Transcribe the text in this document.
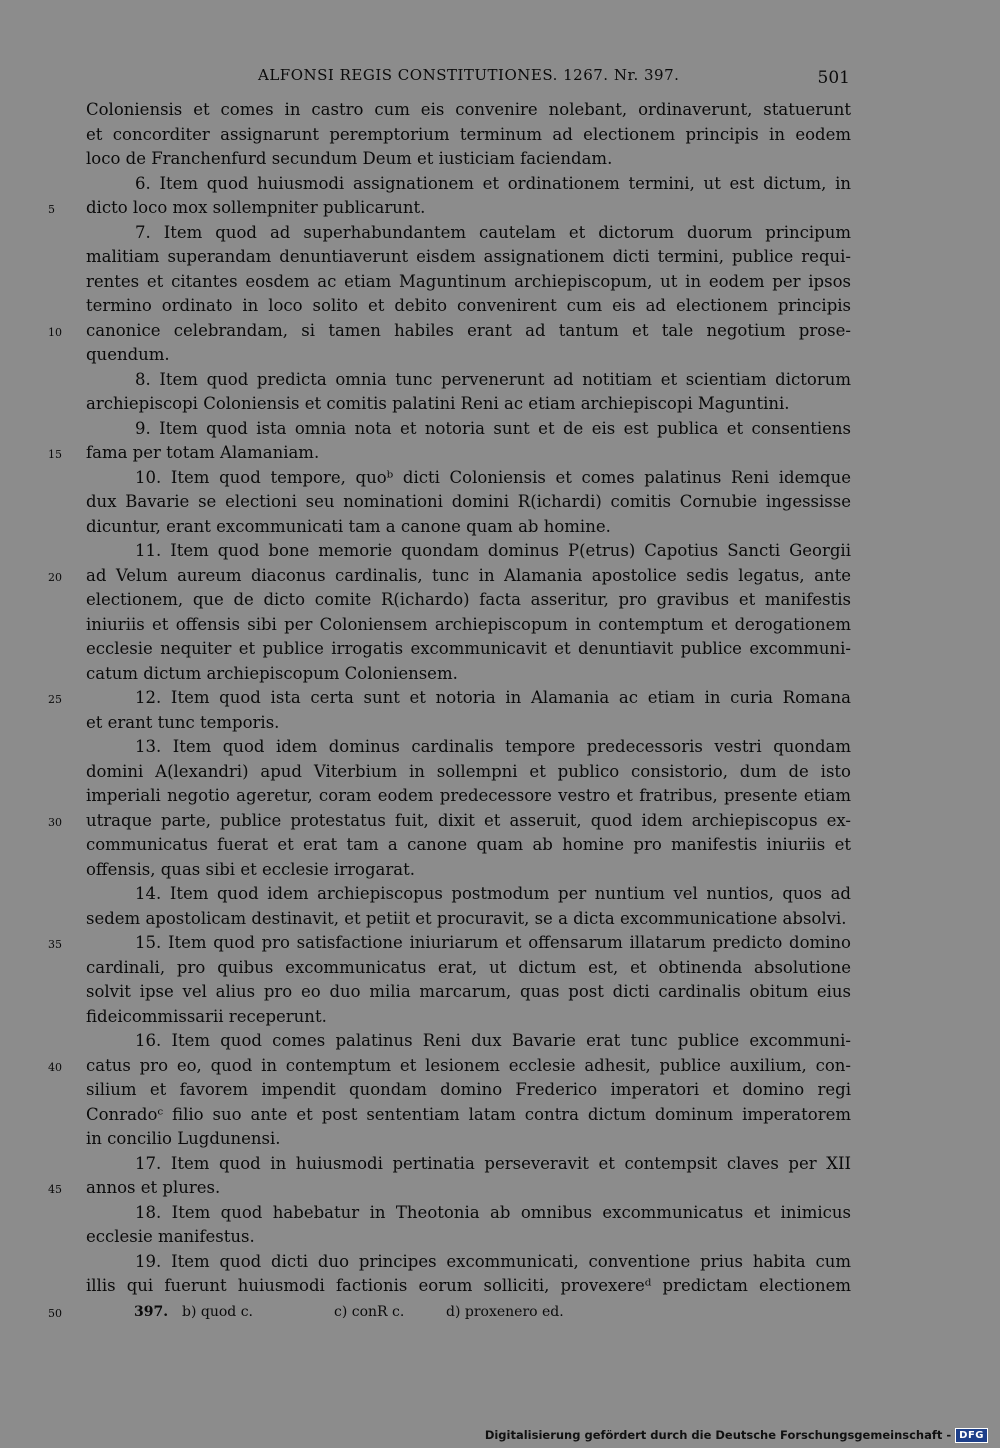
ALFONSI REGIS CONSTITUTIONES. 1267. Nr. 397.	501
Coloniensis et comes in castro cum eis convenire nolebant, ordinaverunt, statuerunt
et concorditer assignarunt peremptorium terminum ad electionem principis in eodem
loco de Franchenfurd secundum Deum et iusticiam faciendam.
6. Item quod huiusmodi assignationem et ordinationem termini, ut est dictum, in
5	dicto loco mox sollempniter publicarunt.
7. Item quod ad superhabundantem cautelam et dictorum duorum principum
malitiam superandam denuntiaverunt eisdem assignationem dicti termini, publice requi-
rentes et citantes eosdem ac etiam Maguntinum archiepiscopum, ut in eodem per ipsos
termino ordinato in loco solito et debito convenirent cum eis ad electionem principis
10	canonice celebrandam, si tamen habiles erant ad tantum et tale negotium prose-
quendum.
8. Item quod predicta omnia tunc pervenerunt ad notitiam et scientiam dictorum
archiepiscopi Coloniensis et comitis palatini Reni ac etiam archiepiscopi Maguntini.
9. Item quod ista omnia nota et notoria sunt et de eis est publica et consentiens
15	fama per totam Alamaniam.
10. Item quod tempore, quoᵇ dicti Coloniensis et comes palatinus Reni idemque
dux Bavarie se electioni seu nominationi domini R(ichardi) comitis Cornubie ingessisse
dicuntur, erant excommunicati tam a canone quam ab homine.
11. Item quod bone memorie quondam dominus P(etrus) Capotius Sancti Georgii
20	ad Velum aureum diaconus cardinalis, tunc in Alamania apostolice sedis legatus, ante
electionem, que de dicto comite R(ichardo) facta asseritur, pro gravibus et manifestis
iniuriis et offensis sibi per Coloniensem archiepiscopum in contemptum et derogationem
ecclesie nequiter et publice irrogatis excommunicavit et denuntiavit publice excommuni-
catum dictum archiepiscopum Coloniensem.
25	12. Item quod ista certa sunt et notoria in Alamania ac etiam in curia Romana
et erant tunc temporis.
13. Item quod idem dominus cardinalis tempore predecessoris vestri quondam
domini A(lexandri) apud Viterbium in sollempni et publico consistorio, dum de isto
imperiali negotio ageretur, coram eodem predecessore vestro et fratribus, presente etiam
30	utraque parte, publice protestatus fuit, dixit et asseruit, quod idem archiepiscopus ex-
communicatus fuerat et erat tam a canone quam ab homine pro manifestis iniuriis et
offensis, quas sibi et ecclesie irrogarat.
14. Item quod idem archiepiscopus postmodum per nuntium vel nuntios, quos ad
sedem apostolicam destinavit, et petiit et procuravit, se a dicta excommunicatione absolvi.
35	15. Item quod pro satisfactione iniuriarum et offensarum illatarum predicto domino
cardinali, pro quibus excommunicatus erat, ut dictum est, et obtinenda absolutione
solvit ipse vel alius pro eo duo milia marcarum, quas post dicti cardinalis obitum eius
fideicommissarii receperunt.
16. Item quod comes palatinus Reni dux Bavarie erat tunc publice excommuni-
40	catus pro eo, quod in contemptum et lesionem ecclesie adhesit, publice auxilium, con-
silium et favorem impendit quondam domino Frederico imperatori et domino regi
Conradoᶜ filio suo ante et post sententiam latam contra dictum dominum imperatorem
in concilio Lugdunensi.
17. Item quod in huiusmodi pertinatia perseveravit et contempsit claves per XII
45	annos et plures.
18. Item quod habebatur in Theotonia ab omnibus excommunicatus et inimicus
ecclesie manifestus.
19. Item quod dicti duo principes excommunicati, conventione prius habita cum
illis qui fuerunt huiusmodi factionis eorum solliciti, provexereᵈ predictam electionem
50	397. b) quod c.	c) conR c.	d) proxenero ed.
Digitalisierung gefördert durch die Deutsche Forschungsgemeinschaft - DFG
